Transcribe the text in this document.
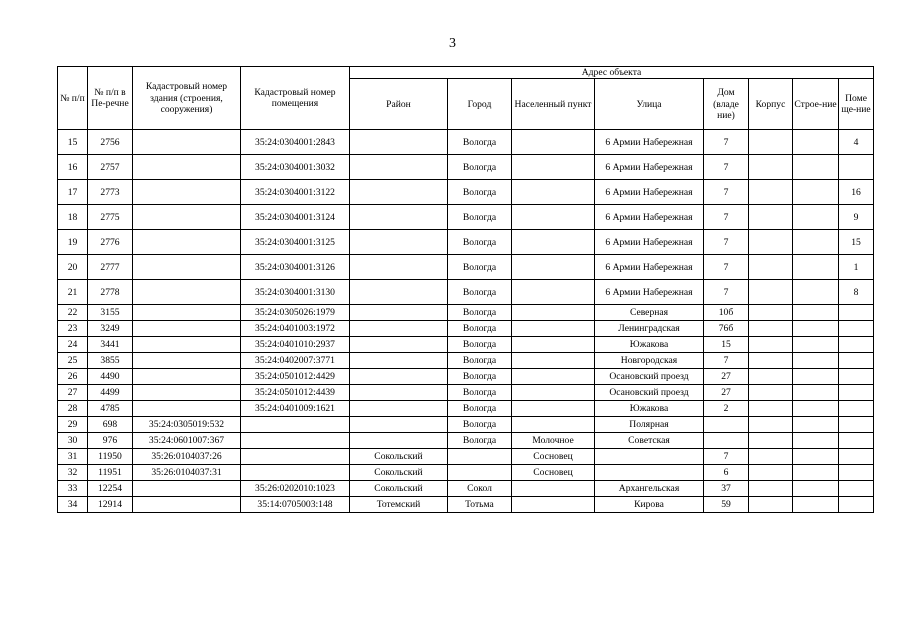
3
№ п/п	№ п/п в Пе-речне	Кадастровый номер здания (строения, сооружения)	Кадастровый номер помещения	Адрес объекта							
				Район	Город	Населенный пункт	Улица	Дом (владе ние)	Корпус	Строе-ние	Поме ще-ние
15	2756		35:24:0304001:2843		Вологда		6 Армии Набережная	7			4
16	2757		35:24:0304001:3032		Вологда		6 Армии Набережная	7			
17	2773		35:24:0304001:3122		Вологда		6 Армии Набережная	7			16
18	2775		35:24:0304001:3124		Вологда		6 Армии Набережная	7			9
19	2776		35:24:0304001:3125		Вологда		6 Армии Набережная	7			15
20	2777		35:24:0304001:3126		Вологда		6 Армии Набережная	7			1
21	2778		35:24:0304001:3130		Вологда		6 Армии Набережная	7			8
22	3155		35:24:0305026:1979		Вологда		Северная	10б			
23	3249		35:24:0401003:1972		Вологда		Ленинградская	76б			
24	3441		35:24:0401010:2937		Вологда		Южакова	15			
25	3855		35:24:0402007:3771		Вологда		Новгородская	7			
26	4490		35:24:0501012:4429		Вологда		Осановский проезд	27			
27	4499		35:24:0501012:4439		Вологда		Осановский проезд	27			
28	4785		35:24:0401009:1621		Вологда		Южакова	2			
29	698	35:24:0305019:532			Вологда		Полярная				
30	976	35:24:0601007:367			Вологда	Молочное	Советская				
31	11950	35:26:0104037:26		Сокольский		Сосновец		7			
32	11951	35:26:0104037:31		Сокольский		Сосновец		6			
33	12254		35:26:0202010:1023	Сокольский	Сокол		Архангельская	37			
34	12914		35:14:0705003:148	Тотемский	Тотьма		Кирова	59			
